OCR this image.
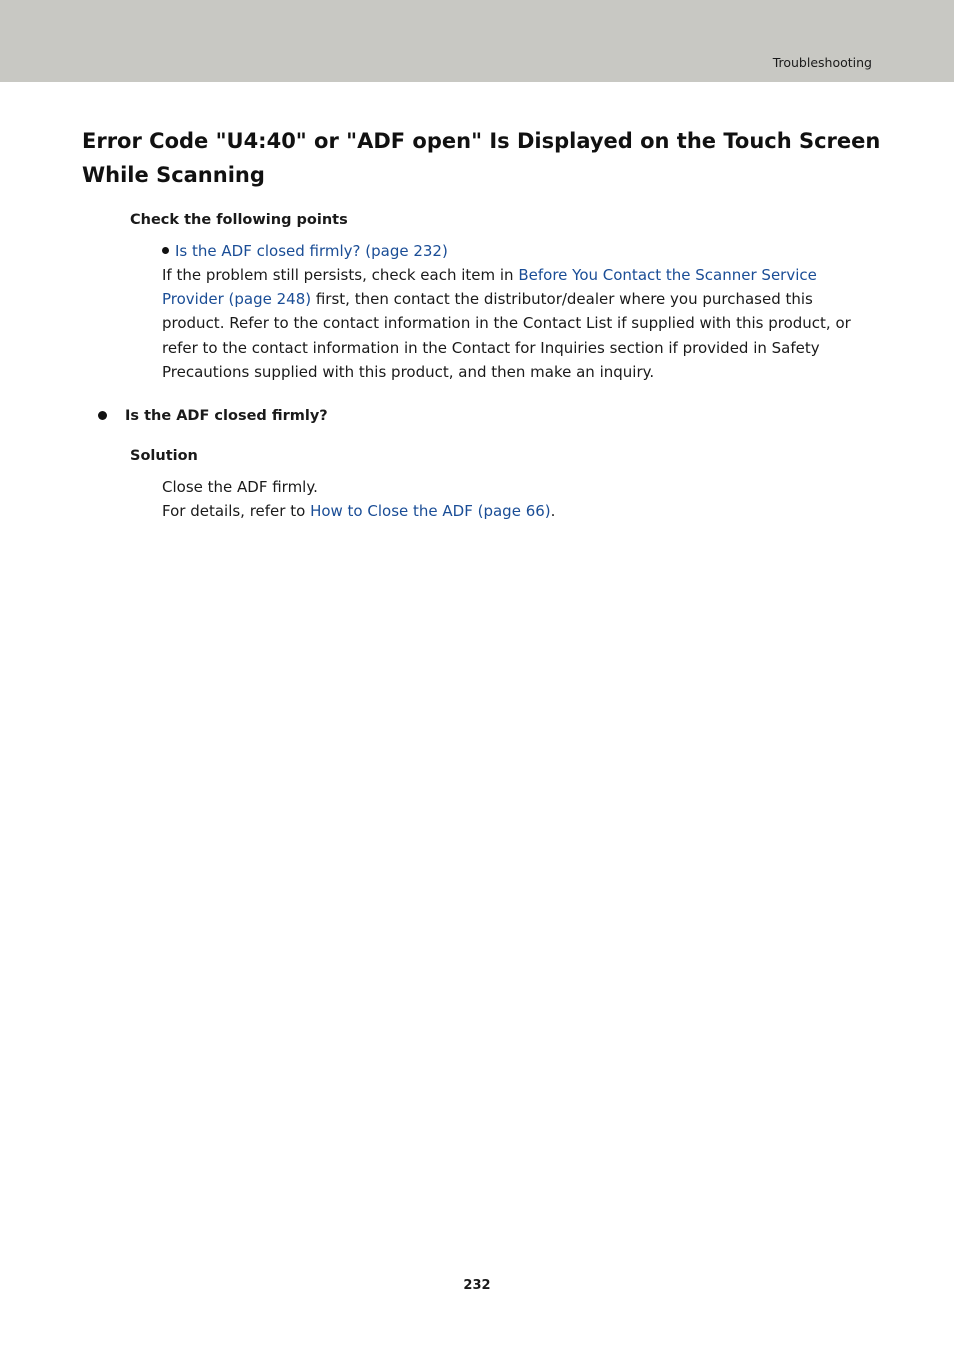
Troubleshooting
Error Code "U4:40" or "ADF open" Is Displayed on the Touch Screen While Scanning

Check the following points

Is the ADF closed firmly? (page 232)

If the problem still persists, check each item in Before You Contact the Scanner Service Provider (page 248) first, then contact the distributor/dealer where you purchased this product. Refer to the contact information in the Contact List if supplied with this product, or refer to the contact information in the Contact for Inquiries section if provided in Safety Precautions supplied with this product, and then make an inquiry.

Is the ADF closed firmly?

Solution

Close the ADF firmly.

For details, refer to How to Close the ADF (page 66).

232
